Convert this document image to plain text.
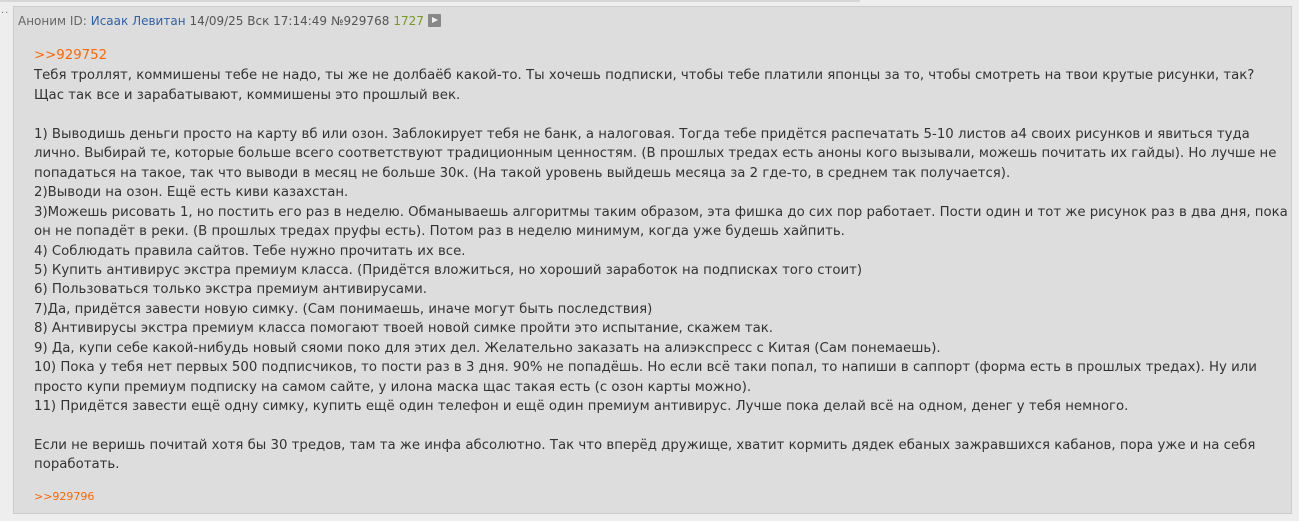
··
Аноним ID: Исаак Левитан 14/09/25 Вск 17:14:49 №929768 1727
>>929752

Тебя троллят, коммишены тебе не надо, ты же не долбаёб какой-то. Ты хочешь подписки, чтобы тебе платили японцы за то, чтобы смотреть на твои крутые рисунки, так?

Щас так все и зарабатывают, коммишены это прошлый век.

1) Выводишь деньги просто на карту вб или озон. Заблокирует тебя не банк, а налоговая. Тогда тебе придётся распечатать 5-10 листов а4 своих рисунков и явиться туда

лично. Выбирай те, которые больше всего соответствуют традиционным ценностям. (В прошлых тредах есть аноны кого вызывали, можешь почитать их гайды). Но лучше не

попадаться на такое, так что выводи в месяц не больше 30к. (На такой уровень выйдешь месяца за 2 где-то, в среднем так получается).

2)Выводи на озон. Ещё есть киви казахстан.

3)Можешь рисовать 1, но постить его раз в неделю. Обманываешь алгоритмы таким образом, эта фишка до сих пор работает. Пости один и тот же рисунок раз в два дня, пока

он не попадёт в реки. (В прошлых тредах пруфы есть). Потом раз в неделю минимум, когда уже будешь хайпить.

4) Соблюдать правила сайтов. Тебе нужно прочитать их все.

5) Купить антивирус экстра премиум класса. (Придётся вложиться, но хороший заработок на подписках того стоит)

6) Пользоваться только экстра премиум антивирусами.

7)Да, придётся завести новую симку. (Сам понимаешь, иначе могут быть последствия)

8) Антивирусы экстра премиум класса помогают твоей новой симке пройти это испытание, скажем так.

9) Да, купи себе какой-нибудь новый сяоми поко для этих дел. Желательно заказать на алиэкспресс с Китая (Сам понемаешь).

10) Пока у тебя нет первых 500 подписчиков, то пости раз в 3 дня. 90% не попадёшь. Но если всё таки попал, то напиши в саппорт (форма есть в прошлых тредах). Ну или

просто купи премиум подписку на самом сайте, у илона маска щас такая есть (с озон карты можно).

11) Придётся завести ещё одну симку, купить ещё один телефон и ещё один премиум антивирус. Лучше пока делай всё на одном, денег у тебя немного.

Если не веришь почитай хотя бы 30 тредов, там та же инфа абсолютно. Так что вперёд дружище, хватит кормить дядек ебаных зажравшихся кабанов, пора уже и на себя

поработать.

>>929796
